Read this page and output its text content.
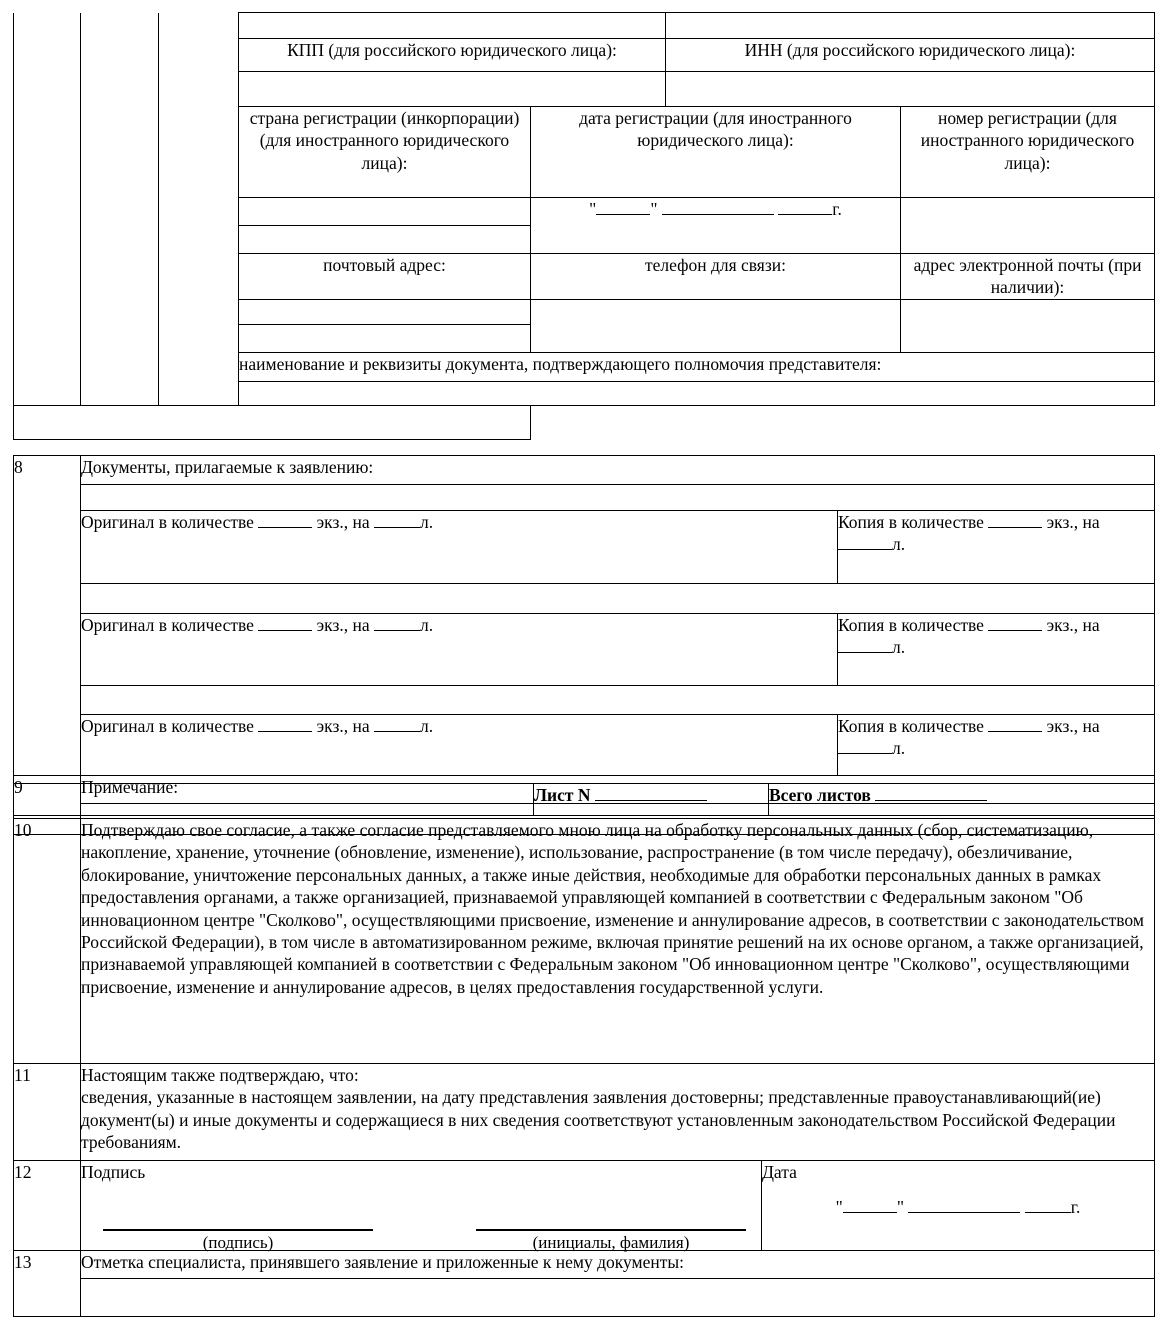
			КПП (для российского юридического лица):		ИНН (для российского юридического лица):	

			страна регистрации (инкорпорации) (для иностранного юридического лица):	дата регистрации (для иностранного юридического лица):		номер регистрации (для иностранного юридического лица):
				" " г.		

			почтовый адрес:	телефон для связи:		адрес электронной почты (при наличии):

			наименование и реквизиты документа, подтверждающего полномочия представителя:			

8	Документы, прилагаемые к заявлению:	

	Оригинал в количестве экз., на л.	Копия в количестве экз., на
л.

	Оригинал в количестве экз., на л.	Копия в количестве экз., на
л.

	Оригинал в количестве экз., на л.	Копия в количестве экз., на
л.
9	Примечание:	

		Лист N	Всего листов
10	Подтверждаю свое согласие, а также согласие представляемого мною лица на обработку персональных данных (сбор, систематизацию, накопление, хранение, уточнение (обновление, изменение), использование, распространение (в том числе передачу), обезличивание, блокирование, уничтожение персональных данных, а также иные действия, необходимые для обработки персональных данных в рамках предоставления органами, а также организацией, признаваемой управляющей компанией в соответствии с Федеральным законом "Об инновационном центре "Сколково", осуществляющими присвоение, изменение и аннулирование адресов, в соответствии с законодательством Российской Федерации), в том числе в автоматизированном режиме, включая принятие решений на их основе органом, а также организацией, признаваемой управляющей компанией в соответствии с Федеральным законом "Об инновационном центре "Сколково", осуществляющими присвоение, изменение и аннулирование адресов, в целях предоставления государственной услуги.	
11	Настоящим также подтверждаю, что:
сведения, указанные в настоящем заявлении, на дату представления заявления достоверны; представленные правоустанавливающий(ие) документ(ы) и иные документы и содержащиеся в них сведения соответствуют установленным законодательством Российской Федерации требованиям.	

12	Подпись	Дата

	(подпись) (инициалы, фамилия)	" " г.

13	Отметка специалиста, принявшего заявление и приложенные к нему документы:	
